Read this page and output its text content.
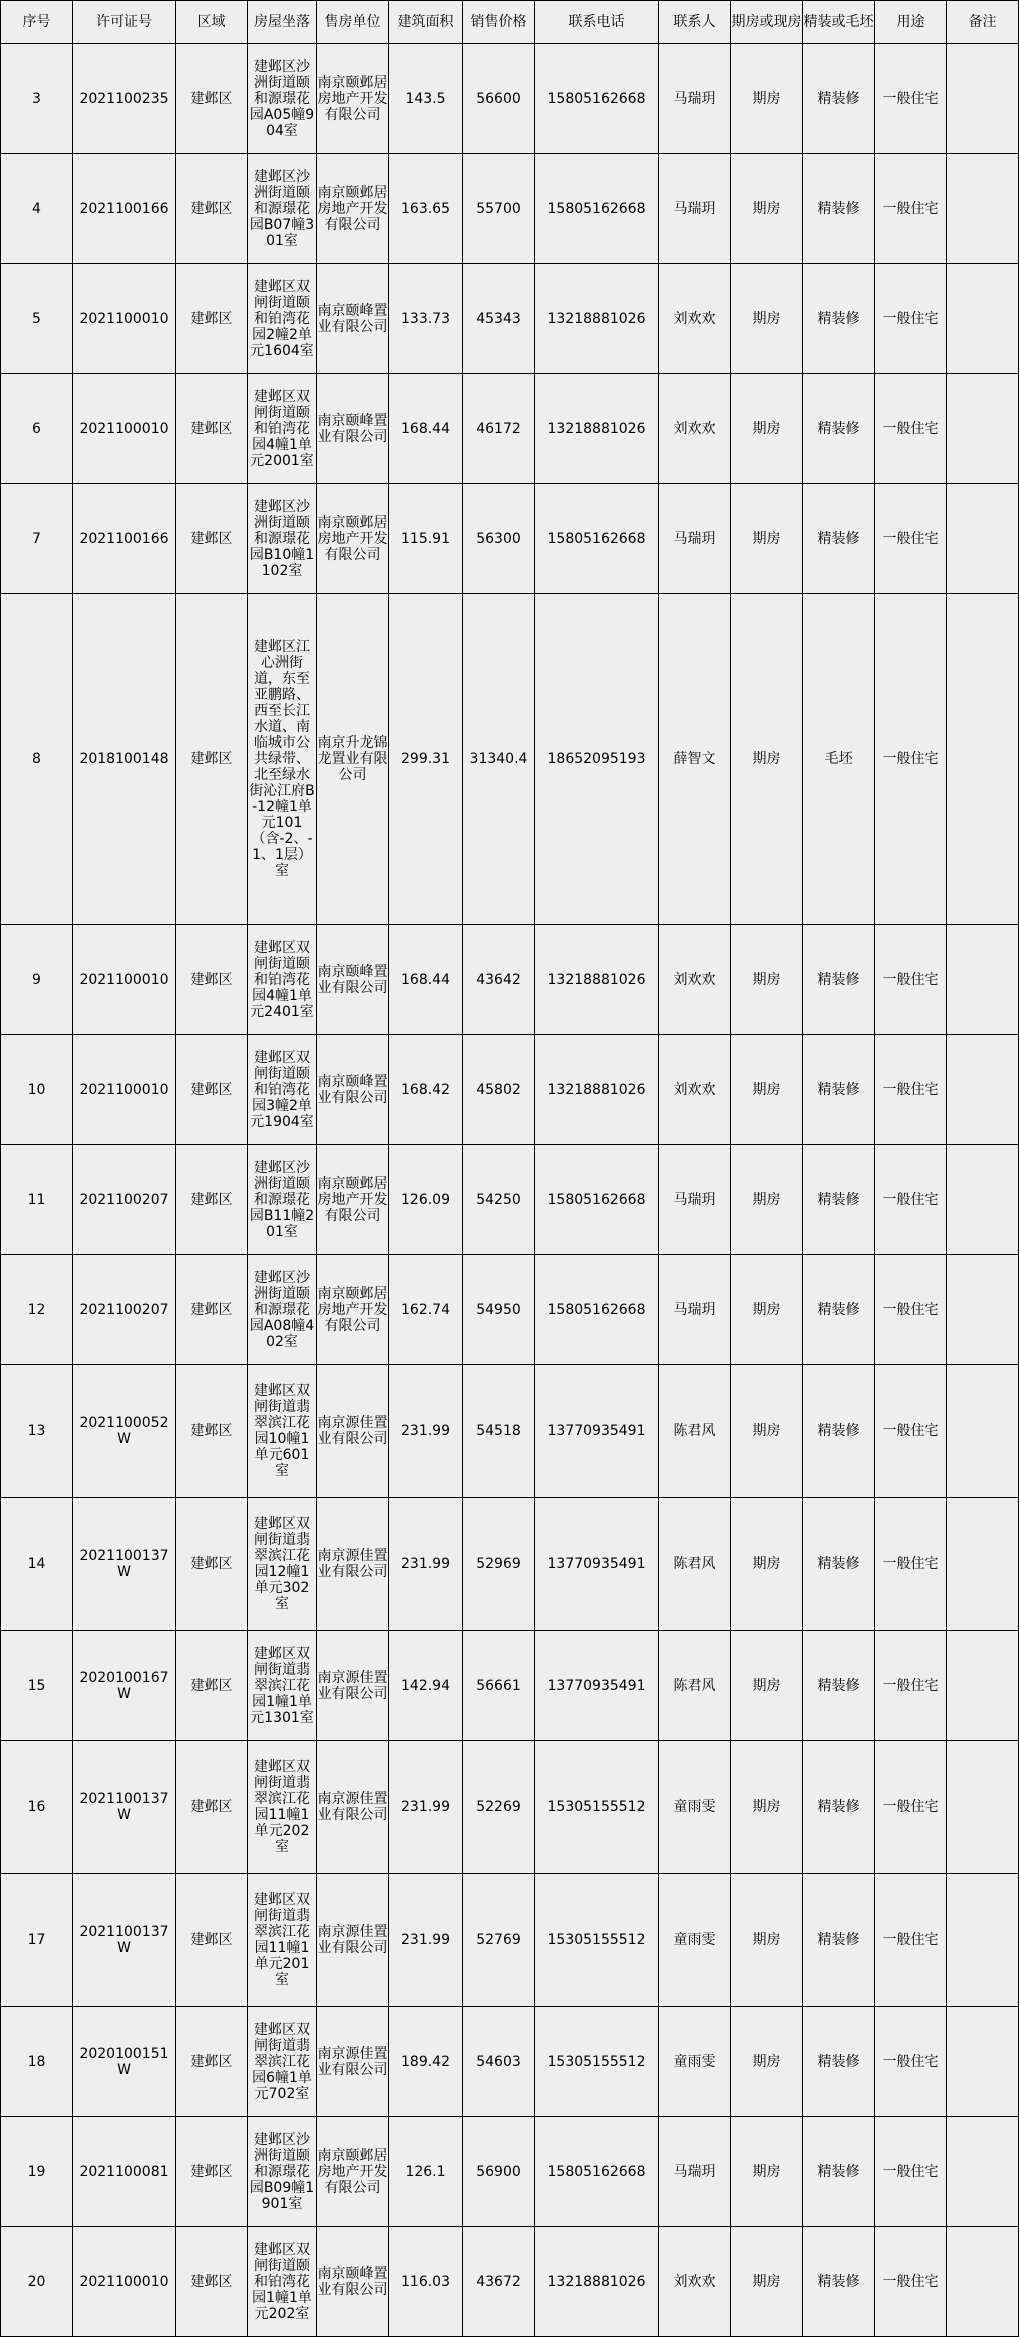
序号	许可证号	区域	房屋坐落	售房单位	建筑面积	销售价格	联系电话	联系人	期房或现房	精装或毛坯	用途	备注
3	2021100235	建邺区	建邺区沙洲街道颐和源璟花园A05幢904室	南京颐邺居房地产开发有限公司	143.5	56600	15805162668	马瑞玥	期房	精装修	一般住宅	
4	2021100166	建邺区	建邺区沙洲街道颐和源璟花园B07幢301室	南京颐邺居房地产开发有限公司	163.65	55700	15805162668	马瑞玥	期房	精装修	一般住宅	
5	2021100010	建邺区	建邺区双闸街道颐和铂湾花园2幢2单元1604室	南京颐峰置业有限公司	133.73	45343	13218881026	刘欢欢	期房	精装修	一般住宅	
6	2021100010	建邺区	建邺区双闸街道颐和铂湾花园4幢1单元2001室	南京颐峰置业有限公司	168.44	46172	13218881026	刘欢欢	期房	精装修	一般住宅	
7	2021100166	建邺区	建邺区沙洲街道颐和源璟花园B10幢1102室	南京颐邺居房地产开发有限公司	115.91	56300	15805162668	马瑞玥	期房	精装修	一般住宅	
8	2018100148	建邺区	建邺区江心洲街道，东至亚鹏路、西至长江水道、南临城市公共绿带、北至绿水街沁江府B-12幢1单元101（含-2、-1、1层）室	南京升龙锦龙置业有限公司	299.31	31340.4	18652095193	薛智文	期房	毛坯	一般住宅	
9	2021100010	建邺区	建邺区双闸街道颐和铂湾花园4幢1单元2401室	南京颐峰置业有限公司	168.44	43642	13218881026	刘欢欢	期房	精装修	一般住宅	
10	2021100010	建邺区	建邺区双闸街道颐和铂湾花园3幢2单元1904室	南京颐峰置业有限公司	168.42	45802	13218881026	刘欢欢	期房	精装修	一般住宅	
11	2021100207	建邺区	建邺区沙洲街道颐和源璟花园B11幢201室	南京颐邺居房地产开发有限公司	126.09	54250	15805162668	马瑞玥	期房	精装修	一般住宅	
12	2021100207	建邺区	建邺区沙洲街道颐和源璟花园A08幢402室	南京颐邺居房地产开发有限公司	162.74	54950	15805162668	马瑞玥	期房	精装修	一般住宅	
13	2021100052W	建邺区	建邺区双闸街道翡翠滨江花园10幢1单元601室	南京源佳置业有限公司	231.99	54518	13770935491	陈君风	期房	精装修	一般住宅	
14	2021100137W	建邺区	建邺区双闸街道翡翠滨江花园12幢1单元302室	南京源佳置业有限公司	231.99	52969	13770935491	陈君风	期房	精装修	一般住宅	
15	2020100167W	建邺区	建邺区双闸街道翡翠滨江花园1幢1单元1301室	南京源佳置业有限公司	142.94	56661	13770935491	陈君风	期房	精装修	一般住宅	
16	2021100137W	建邺区	建邺区双闸街道翡翠滨江花园11幢1单元202室	南京源佳置业有限公司	231.99	52269	15305155512	童雨雯	期房	精装修	一般住宅	
17	2021100137W	建邺区	建邺区双闸街道翡翠滨江花园11幢1单元201室	南京源佳置业有限公司	231.99	52769	15305155512	童雨雯	期房	精装修	一般住宅	
18	2020100151W	建邺区	建邺区双闸街道翡翠滨江花园6幢1单元702室	南京源佳置业有限公司	189.42	54603	15305155512	童雨雯	期房	精装修	一般住宅	
19	2021100081	建邺区	建邺区沙洲街道颐和源璟花园B09幢1901室	南京颐邺居房地产开发有限公司	126.1	56900	15805162668	马瑞玥	期房	精装修	一般住宅	
20	2021100010	建邺区	建邺区双闸街道颐和铂湾花园1幢1单元202室	南京颐峰置业有限公司	116.03	43672	13218881026	刘欢欢	期房	精装修	一般住宅	
